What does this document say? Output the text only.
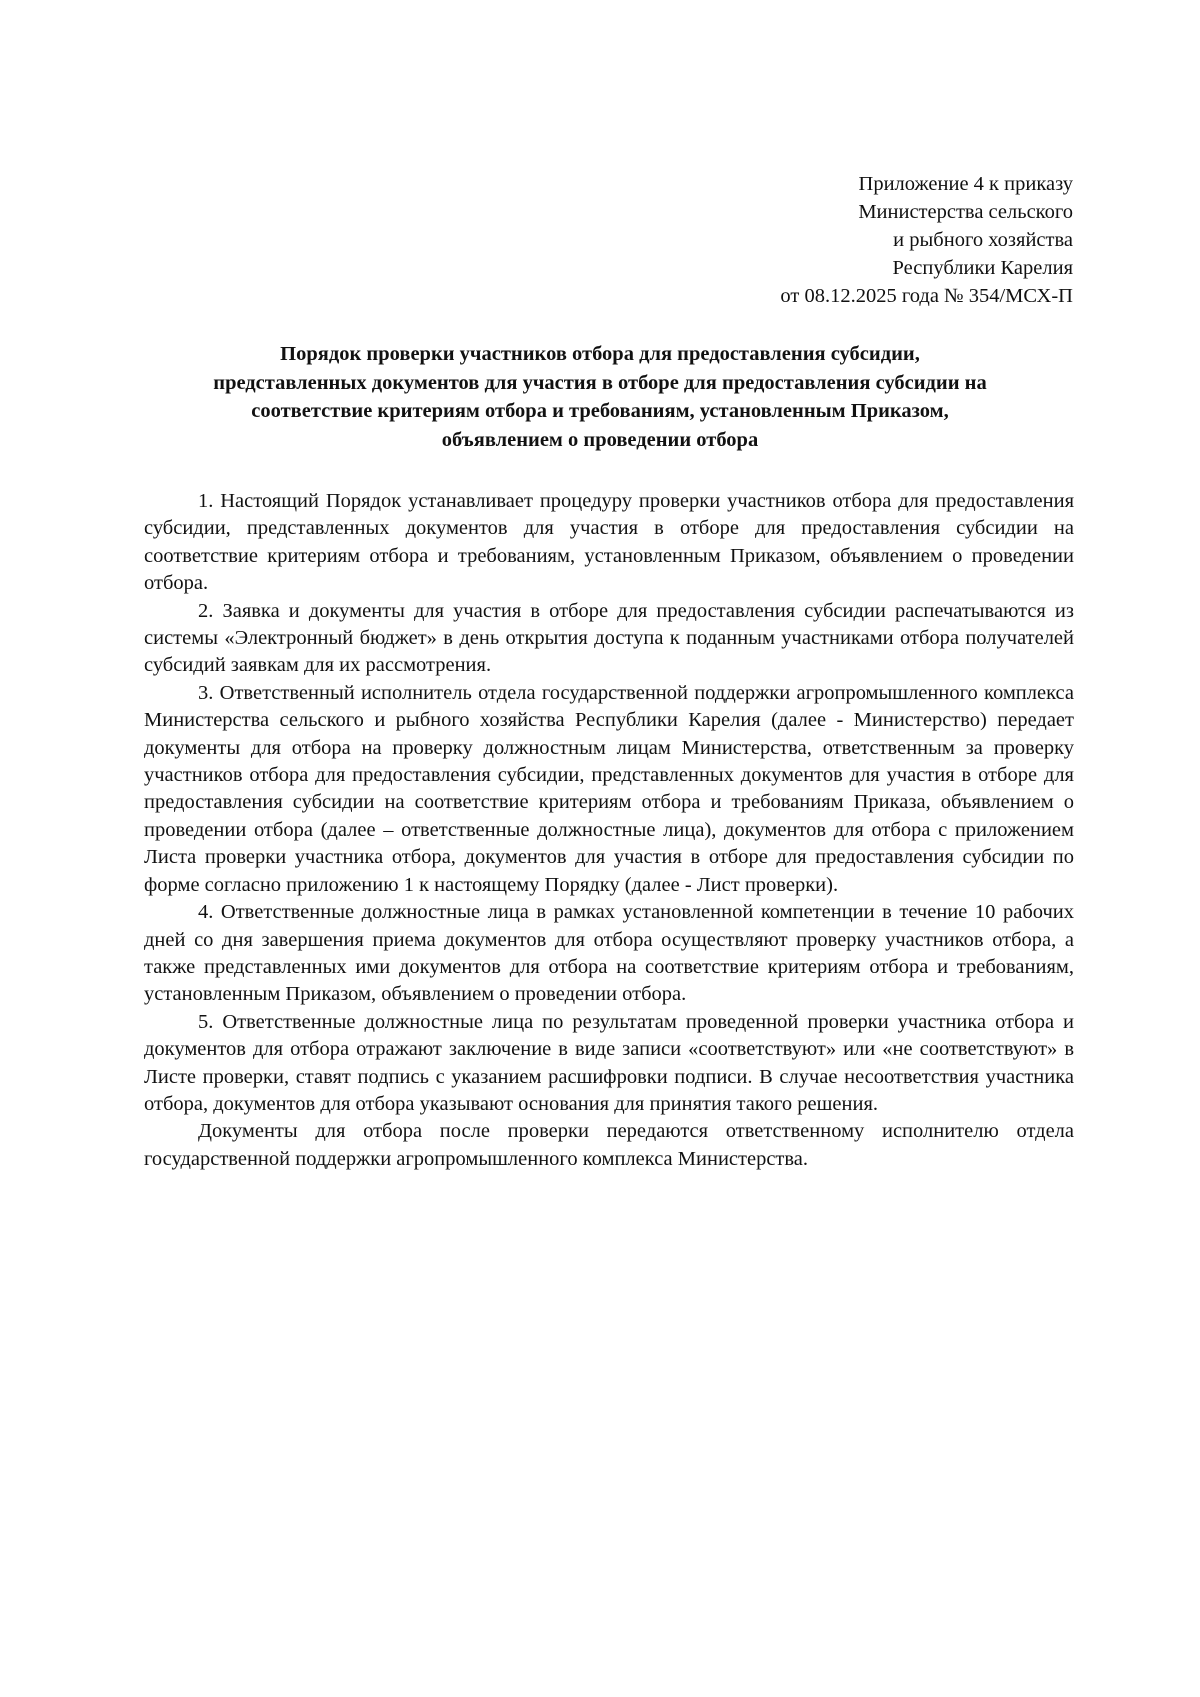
Приложение 4 к приказу
Министерства сельского
и рыбного хозяйства
Республики Карелия
от 08.12.2025 года № 354/МСХ-П
Порядок проверки участников отбора для предоставления субсидии,
представленных документов для участия в отборе для предоставления субсидии на
соответствие критериям отбора и требованиям, установленным Приказом,
объявлением о проведении отбора

1. Настоящий Порядок устанавливает процедуру проверки участников отбора для предоставления субсидии, представленных документов для участия в отборе для предоставления субсидии на соответствие критериям отбора и требованиям, установленным Приказом, объявлением о проведении отбора.

2. Заявка и документы для участия в отборе для предоставления субсидии распечатываются из системы «Электронный бюджет» в день открытия доступа к поданным участниками отбора получателей субсидий заявкам для их рассмотрения.

3. Ответственный исполнитель отдела государственной поддержки агропромышленного комплекса Министерства сельского и рыбного хозяйства Республики Карелия (далее - Министерство) передает документы для отбора на проверку должностным лицам Министерства, ответственным за проверку участников отбора для предоставления субсидии, представленных документов для участия в отборе для предоставления субсидии на соответствие критериям отбора и требованиям Приказа, объявлением о проведении отбора (далее – ответственные должностные лица), документов для отбора с приложением Листа проверки участника отбора, документов для участия в отборе для предоставления субсидии по форме согласно приложению 1 к настоящему Порядку (далее - Лист проверки).

4. Ответственные должностные лица в рамках установленной компетенции в течение 10 рабочих дней со дня завершения приема документов для отбора осуществляют проверку участников отбора, а также представленных ими документов для отбора на соответствие критериям отбора и требованиям, установленным Приказом, объявлением о проведении отбора.

5. Ответственные должностные лица по результатам проведенной проверки участника отбора и документов для отбора отражают заключение в виде записи «соответствуют» или «не соответствуют» в Листе проверки, ставят подпись с указанием расшифровки подписи. В случае несоответствия участника отбора, документов для отбора указывают основания для принятия такого решения.

Документы для отбора после проверки передаются ответственному исполнителю отдела государственной поддержки агропромышленного комплекса Министерства.
